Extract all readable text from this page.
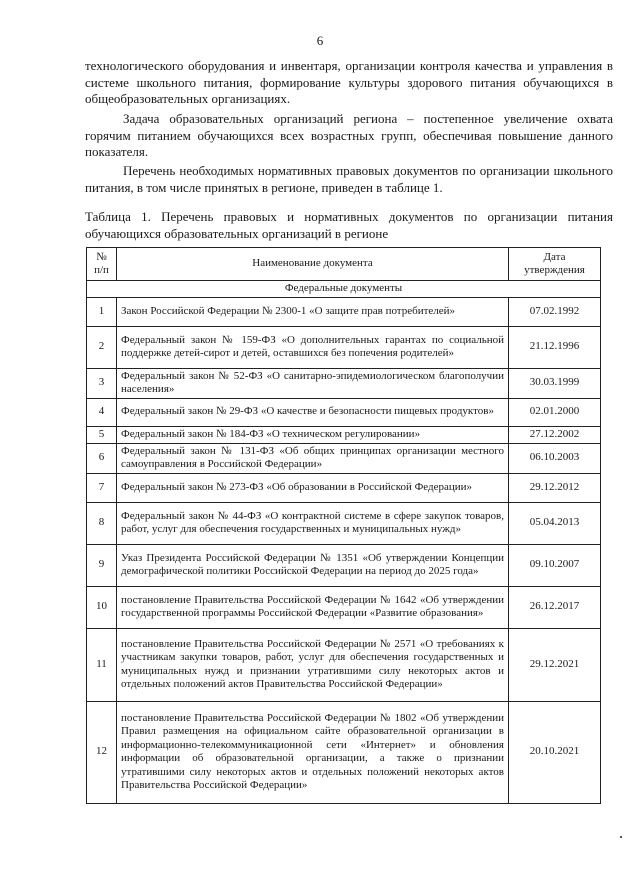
6

технологического оборудования и инвентаря, организации контроля качества и управления в системе школьного питания, формирование культуры здорового питания обучающихся в общеобразовательных организациях.

Задача образовательных организаций региона – постепенное увеличение охвата горячим питанием обучающихся всех возрастных групп, обеспечивая повышение данного показателя.

Перечень необходимых нормативных правовых документов по организации школьного питания, в том числе принятых в регионе, приведен в таблице 1.

Таблица 1. Перечень правовых и нормативных документов по организации питания обучающихся образовательных организаций в регионе
№ п/п	Наименование документа	Дата утверждения
Федеральные документы		
1	Закон Российской Федерации № 2300-1 «О защите прав потребителей»	07.02.1992
2	Федеральный закон № 159-ФЗ «О дополнительных гарантах по социальной поддержке детей-сирот и детей, оставшихся без попечения родителей»	21.12.1996
3	Федеральный закон № 52-ФЗ «О санитарно-эпидемиологическом благополучии населения»	30.03.1999
4	Федеральный закон № 29-ФЗ «О качестве и безопасности пищевых продуктов»	02.01.2000
5	Федеральный закон № 184-ФЗ «О техническом регулировании»	27.12.2002
6	Федеральный закон № 131-ФЗ «Об общих принципах организации местного самоуправления в Российской Федерации»	06.10.2003
7	Федеральный закон № 273-ФЗ «Об образовании в Российской Федерации»	29.12.2012
8	Федеральный закон № 44-ФЗ «О контрактной системе в сфере закупок товаров, работ, услуг для обеспечения государственных и муниципальных нужд»	05.04.2013
9	Указ Президента Российской Федерации № 1351 «Об утверждении Концепции демографической политики Российской Федерации на период до 2025 года»	09.10.2007
10	постановление Правительства Российской Федерации № 1642 «Об утверждении государственной программы Российской Федерации «Развитие образования»	26.12.2017
11	постановление Правительства Российской Федерации № 2571 «О требованиях к участникам закупки товаров, работ, услуг для обеспечения государственных и муниципальных нужд и признании утратившими силу некоторых актов и отдельных положений актов Правительства Российской Федерации»	29.12.2021
12	постановление Правительства Российской Федерации № 1802 «Об утверждении Правил размещения на официальном сайте образовательной организации в информационно-телекоммуникационной сети «Интернет» и обновления информации об образовательной организации, а также о признании утратившими силу некоторых актов и отдельных положений некоторых актов Правительства Российской Федерации»	20.10.2021
